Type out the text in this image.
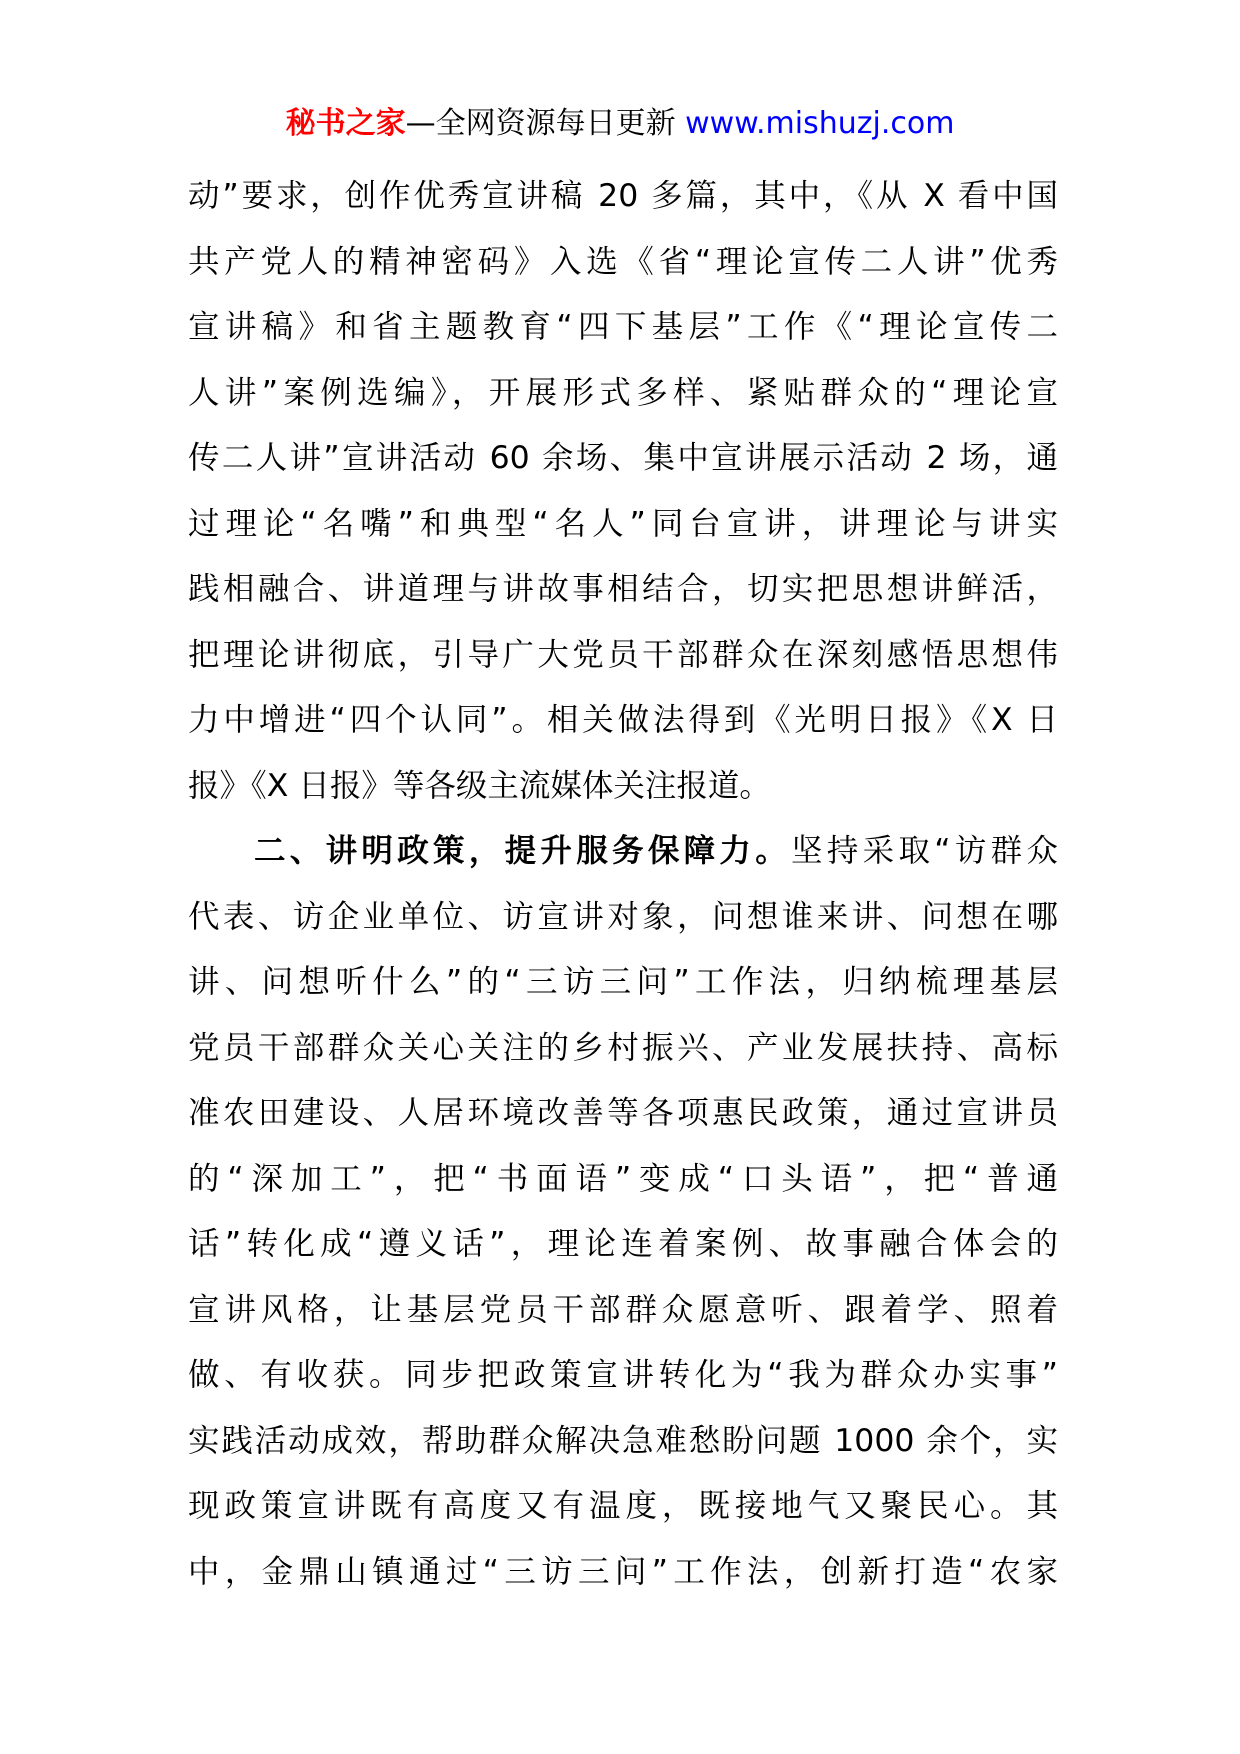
秘书之家—全网资源每日更新 www.mishuzj.com
动”要求，创作优秀宣讲稿 20 多篇，其中，《从 X 看中国
共产党人的精神密码》入选《省“理论宣传二人讲”优秀
宣讲稿》和省主题教育“四下基层”工作《“理论宣传二
人讲”案例选编》，开展形式多样、紧贴群众的“理论宣
传二人讲”宣讲活动 60 余场、集中宣讲展示活动 2 场，通
过理论“名嘴”和典型“名人”同台宣讲，讲理论与讲实
践相融合、讲道理与讲故事相结合，切实把思想讲鲜活，
把理论讲彻底，引导广大党员干部群众在深刻感悟思想伟
力中增进“四个认同”。相关做法得到《光明日报》《X 日
报》《X 日报》等各级主流媒体关注报道。
二、讲明政策，提升服务保障力。坚持采取“访群众
代表、访企业单位、访宣讲对象，问想谁来讲、问想在哪
讲、问想听什么”的“三访三问”工作法，归纳梳理基层
党员干部群众关心关注的乡村振兴、产业发展扶持、高标
准农田建设、人居环境改善等各项惠民政策，通过宣讲员
的“深加工”，把“书面语”变成“口头语”，把“普通
话”转化成“遵义话”，理论连着案例、故事融合体会的
宣讲风格，让基层党员干部群众愿意听、跟着学、照着
做、有收获。同步把政策宣讲转化为“我为群众办实事”
实践活动成效，帮助群众解决急难愁盼问题 1000 余个，实
现政策宣讲既有高度又有温度，既接地气又聚民心。其
中，金鼎山镇通过“三访三问”工作法，创新打造“农家
